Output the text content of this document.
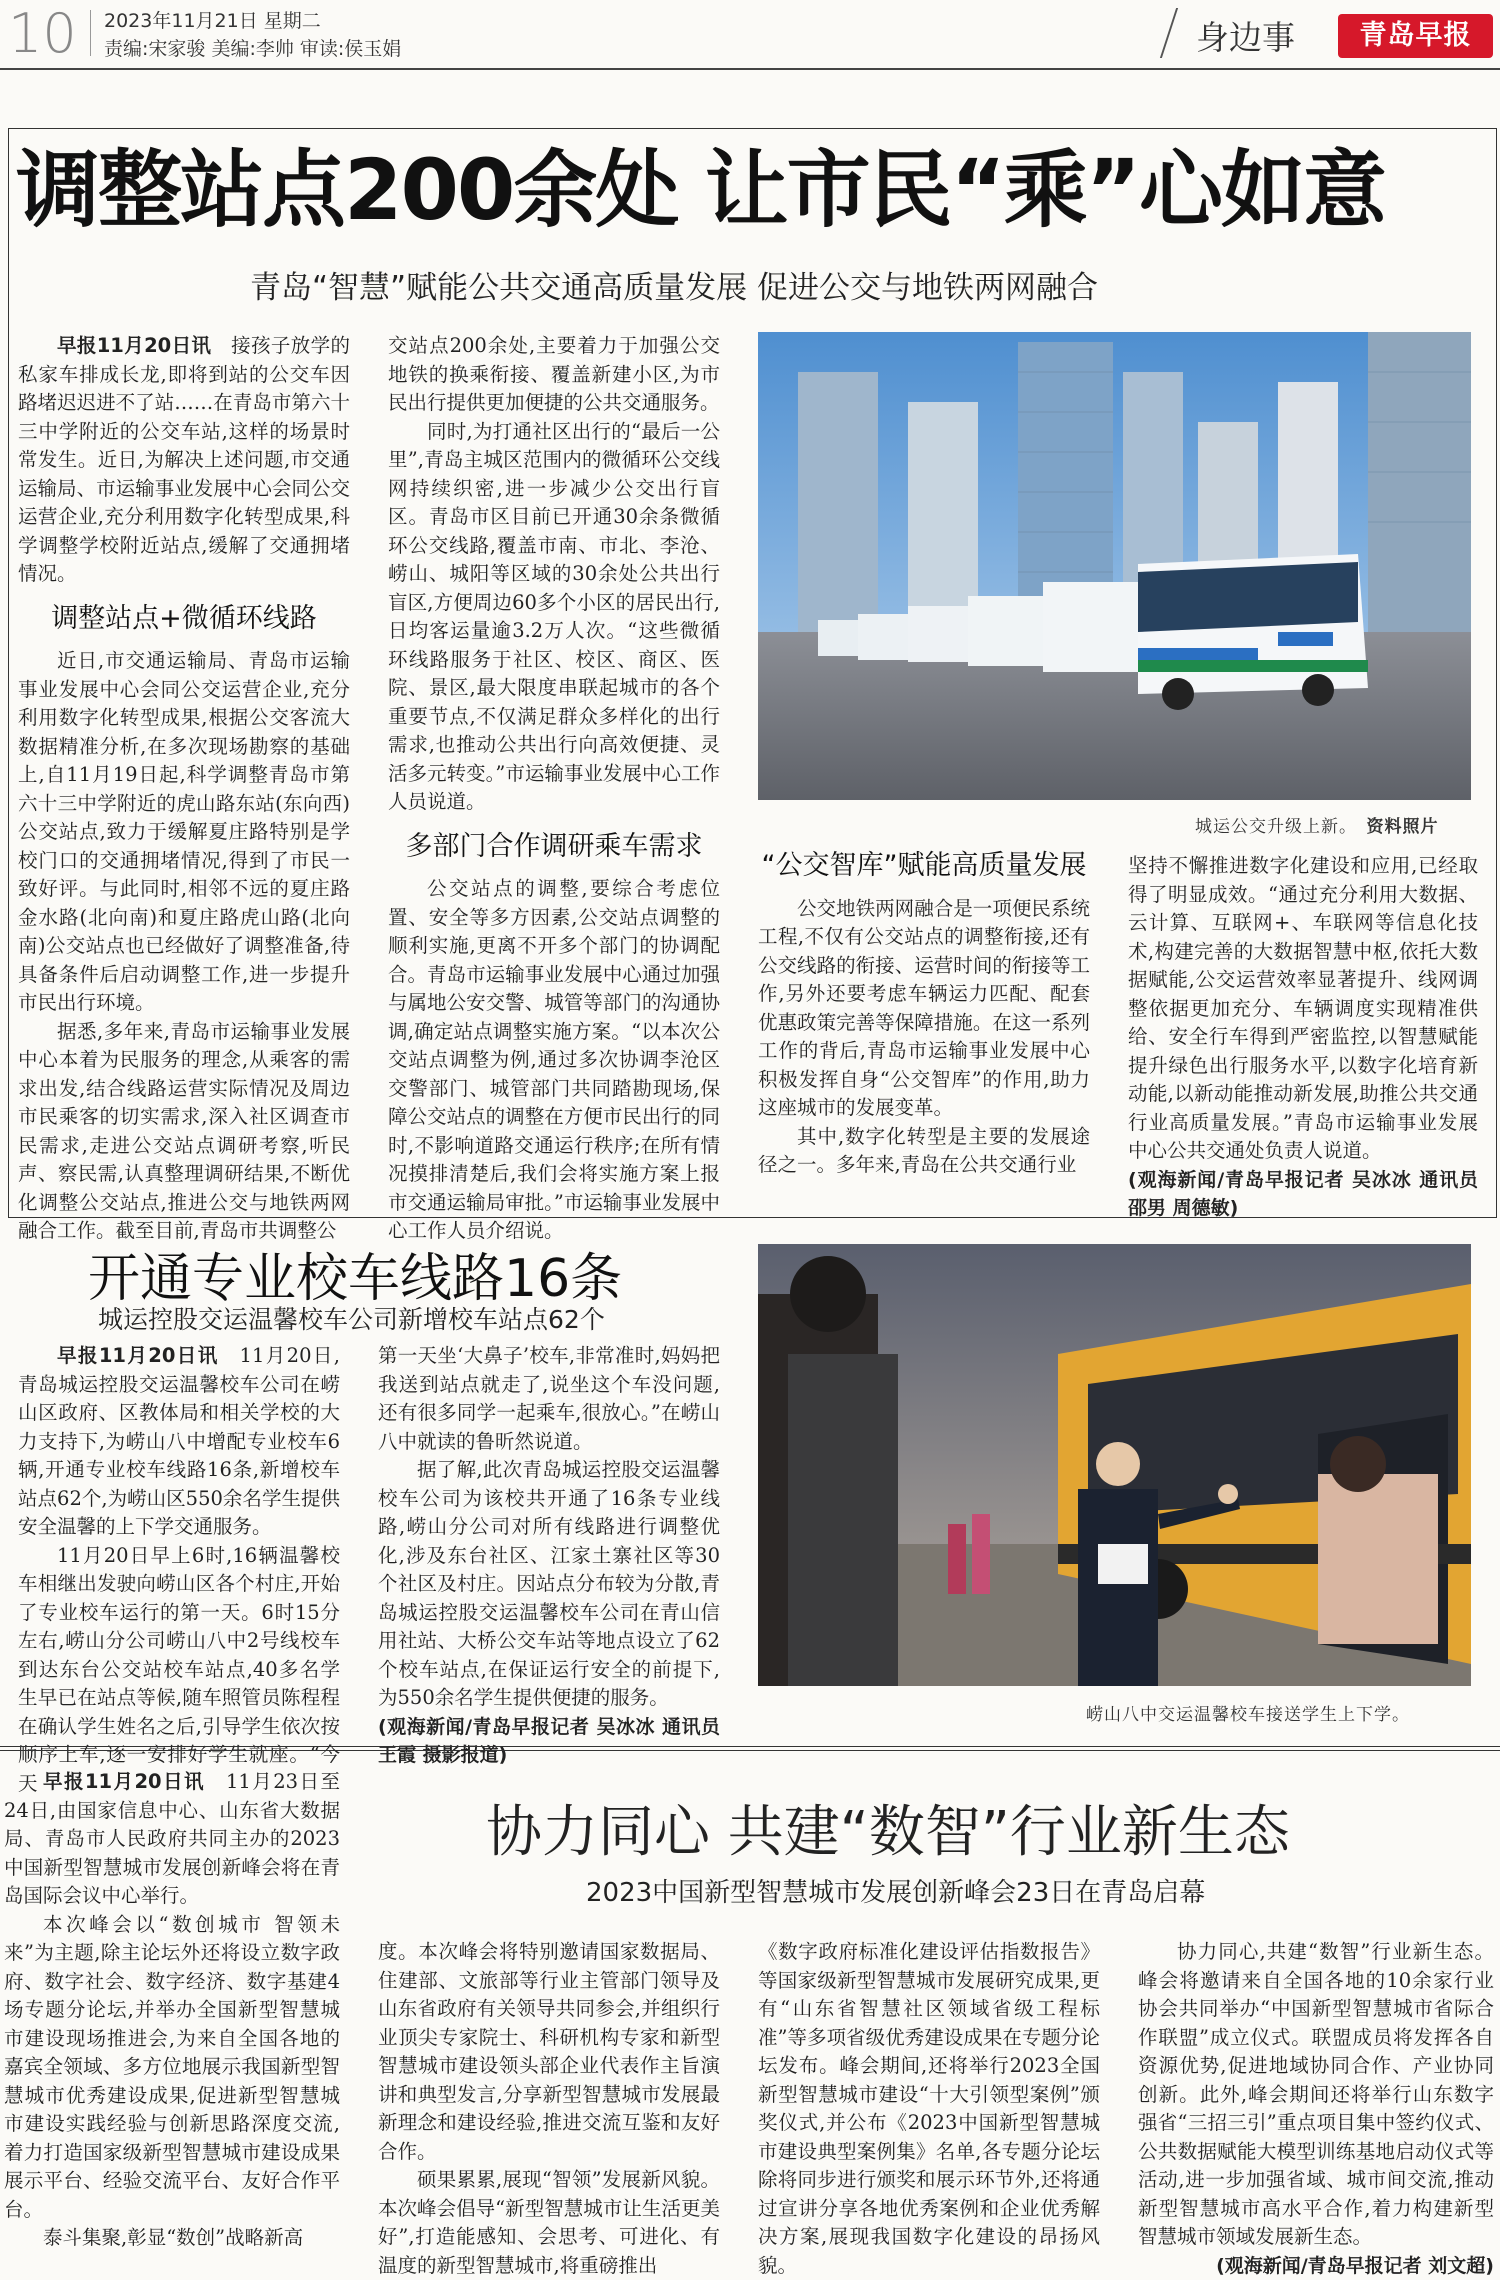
10 2023年11月21日 星期二
责编:宋家骏 美编:李帅 审读:侯玉娟	身边事	青岛早报
调整站点200余处 让市民“乘”心如意
青岛“智慧”赋能公共交通高质量发展 促进公交与地铁两网融合

早报11月20日讯　 接孩子放学的私家车排成长龙,即将到站的公交车因路堵迟迟进不了站……在青岛市第六十三中学附近的公交车站,这样的场景时常发生。近日,为解决上述问题,市交通运输局、市运输事业发展中心会同公交运营企业,充分利用数字化转型成果,科学调整学校附近站点,缓解了交通拥堵情况。

调整站点+微循环线路

近日,市交通运输局、青岛市运输事业发展中心会同公交运营企业,充分利用数字化转型成果,根据公交客流大数据精准分析,在多次现场勘察的基础上,自11月19日起,科学调整青岛市第六十三中学附近的虎山路东站(东向西)公交站点,致力于缓解夏庄路特别是学校门口的交通拥堵情况,得到了市民一致好评。与此同时,相邻不远的夏庄路金水路(北向南)和夏庄路虎山路(北向南)公交站点也已经做好了调整准备,待具备条件后启动调整工作,进一步提升市民出行环境。

据悉,多年来,青岛市运输事业发展中心本着为民服务的理念,从乘客的需求出发,结合线路运营实际情况及周边市民乘客的切实需求,深入社区调查市民需求,走进公交站点调研考察,听民声、察民需,认真整理调研结果,不断优化调整公交站点,推进公交与地铁两网融合工作。截至目前,青岛市共调整公

交站点200余处,主要着力于加强公交地铁的换乘衔接、覆盖新建小区,为市民出行提供更加便捷的公共交通服务。

同时,为打通社区出行的“最后一公里”,青岛主城区范围内的微循环公交线网持续织密,进一步减少公交出行盲区。青岛市区目前已开通30余条微循环公交线路,覆盖市南、市北、李沧、崂山、城阳等区域的30余处公共出行盲区,方便周边60多个小区的居民出行,日均客运量逾3.2万人次。“这些微循环线路服务于社区、校区、商区、医院、景区,最大限度串联起城市的各个重要节点,不仅满足群众多样化的出行需求,也推动公共出行向高效便捷、灵活多元转变。”市运输事业发展中心工作人员说道。

多部门合作调研乘车需求

公交站点的调整,要综合考虑位置、安全等多方因素,公交站点调整的顺利实施,更离不开多个部门的协调配合。青岛市运输事业发展中心通过加强与属地公安交警、城管等部门的沟通协调,确定站点调整实施方案。“以本次公交站点调整为例,通过多次协调李沧区交警部门、城管部门共同踏勘现场,保障公交站点的调整在方便市民出行的同时,不影响道路交通运行秩序;在所有情况摸排清楚后,我们会将实施方案上报市交通运输局审批。”市运输事业发展中心工作人员介绍说。

城运公交升级上新。　 资料照片
“公交智库”赋能高质量发展

公交地铁两网融合是一项便民系统工程,不仅有公交站点的调整衔接,还有公交线路的衔接、运营时间的衔接等工作,另外还要考虑车辆运力匹配、配套优惠政策完善等保障措施。在这一系列工作的背后,青岛市运输事业发展中心积极发挥自身“公交智库”的作用,助力这座城市的发展变革。

其中,数字化转型是主要的发展途径之一。多年来,青岛在公共交通行业

坚持不懈推进数字化建设和应用,已经取得了明显成效。“通过充分利用大数据、云计算、互联网+、车联网等信息化技术,构建完善的大数据智慧中枢,依托大数据赋能,公交运营效率显著提升、线网调整依据更加充分、车辆调度实现精准供给、安全行车得到严密监控,以智慧赋能提升绿色出行服务水平,以数字化培育新动能,以新动能推动新发展,助推公共交通行业高质量发展。”青岛市运输事业发展中心公共交通处负责人说道。

(观海新闻/青岛早报记者 吴冰冰 通讯员 邵男 周德敏)

开通专业校车线路16条
城运控股交运温馨校车公司新增校车站点62个

早报11月20日讯　 11月20日,青岛城运控股交运温馨校车公司在崂山区政府、区教体局和相关学校的大力支持下,为崂山八中增配专业校车6辆,开通专业校车线路16条,新增校车站点62个,为崂山区550余名学生提供安全温馨的上下学交通服务。

11月20日早上6时,16辆温馨校车相继出发驶向崂山区各个村庄,开始了专业校车运行的第一天。6时15分左右,崂山分公司崂山八中2号线校车到达东台公交站校车站点,40多名学生早已在站点等候,随车照管员陈程程在确认学生姓名之后,引导学生依次按顺序上车,逐一安排好学生就座。“今天

第一天坐‘大鼻子’校车,非常准时,妈妈把我送到站点就走了,说坐这个车没问题,还有很多同学一起乘车,很放心。”在崂山八中就读的鲁昕然说道。

据了解,此次青岛城运控股交运温馨校车公司为该校共开通了16条专业线路,崂山分公司对所有线路进行调整优化,涉及东台社区、江家土寨社区等30个社区及村庄。因站点分布较为分散,青岛城运控股交运温馨校车公司在青山信用社站、大桥公交车站等地点设立了62个校车站点,在保证运行安全的前提下,为550余名学生提供便捷的服务。

(观海新闻/青岛早报记者 吴冰冰 通讯员 王霞 摄影报道)

崂山八中交运温馨校车接送学生上下学。
协力同心 共建“数智”行业新生态
2023中国新型智慧城市发展创新峰会23日在青岛启幕

早报11月20日讯　 11月23日至24日,由国家信息中心、山东省大数据局、青岛市人民政府共同主办的2023中国新型智慧城市发展创新峰会将在青岛国际会议中心举行。

本次峰会以“数创城市 智领未来”为主题,除主论坛外还将设立数字政府、数字社会、数字经济、数字基建4场专题分论坛,并举办全国新型智慧城市建设现场推进会,为来自全国各地的嘉宾全领域、多方位地展示我国新型智慧城市优秀建设成果,促进新型智慧城市建设实践经验与创新思路深度交流,着力打造国家级新型智慧城市建设成果展示平台、经验交流平台、友好合作平台。

泰斗集聚,彰显“数创”战略新高

度。本次峰会将特别邀请国家数据局、住建部、文旅部等行业主管部门领导及山东省政府有关领导共同参会,并组织行业顶尖专家院士、科研机构专家和新型智慧城市建设领头部企业代表作主旨演讲和典型发言,分享新型智慧城市发展最新理念和建设经验,推进交流互鉴和友好合作。

硕果累累,展现“智领”发展新风貌。本次峰会倡导“新型智慧城市让生活更美好”,打造能感知、会思考、可进化、有温度的新型智慧城市,将重磅推出

《数字政府标准化建设评估指数报告》等国家级新型智慧城市发展研究成果,更有“山东省智慧社区领域省级工程标准”等多项省级优秀建设成果在专题分论坛发布。峰会期间,还将举行2023全国新型智慧城市建设“十大引领型案例”颁奖仪式,并公布《2023中国新型智慧城市建设典型案例集》名单,各专题分论坛除将同步进行颁奖和展示环节外,还将通过宣讲分享各地优秀案例和企业优秀解决方案,展现我国数字化建设的昂扬风貌。

协力同心,共建“数智”行业新生态。峰会将邀请来自全国各地的10余家行业协会共同举办“中国新型智慧城市省际合作联盟”成立仪式。联盟成员将发挥各自资源优势,促进地域协同合作、产业协同创新。此外,峰会期间还将举行山东数字强省“三招三引”重点项目集中签约仪式、公共数据赋能大模型训练基地启动仪式等活动,进一步加强省域、城市间交流,推动新型智慧城市高水平合作,着力构建新型智慧城市领域发展新生态。

(观海新闻/青岛早报记者 刘文超)
